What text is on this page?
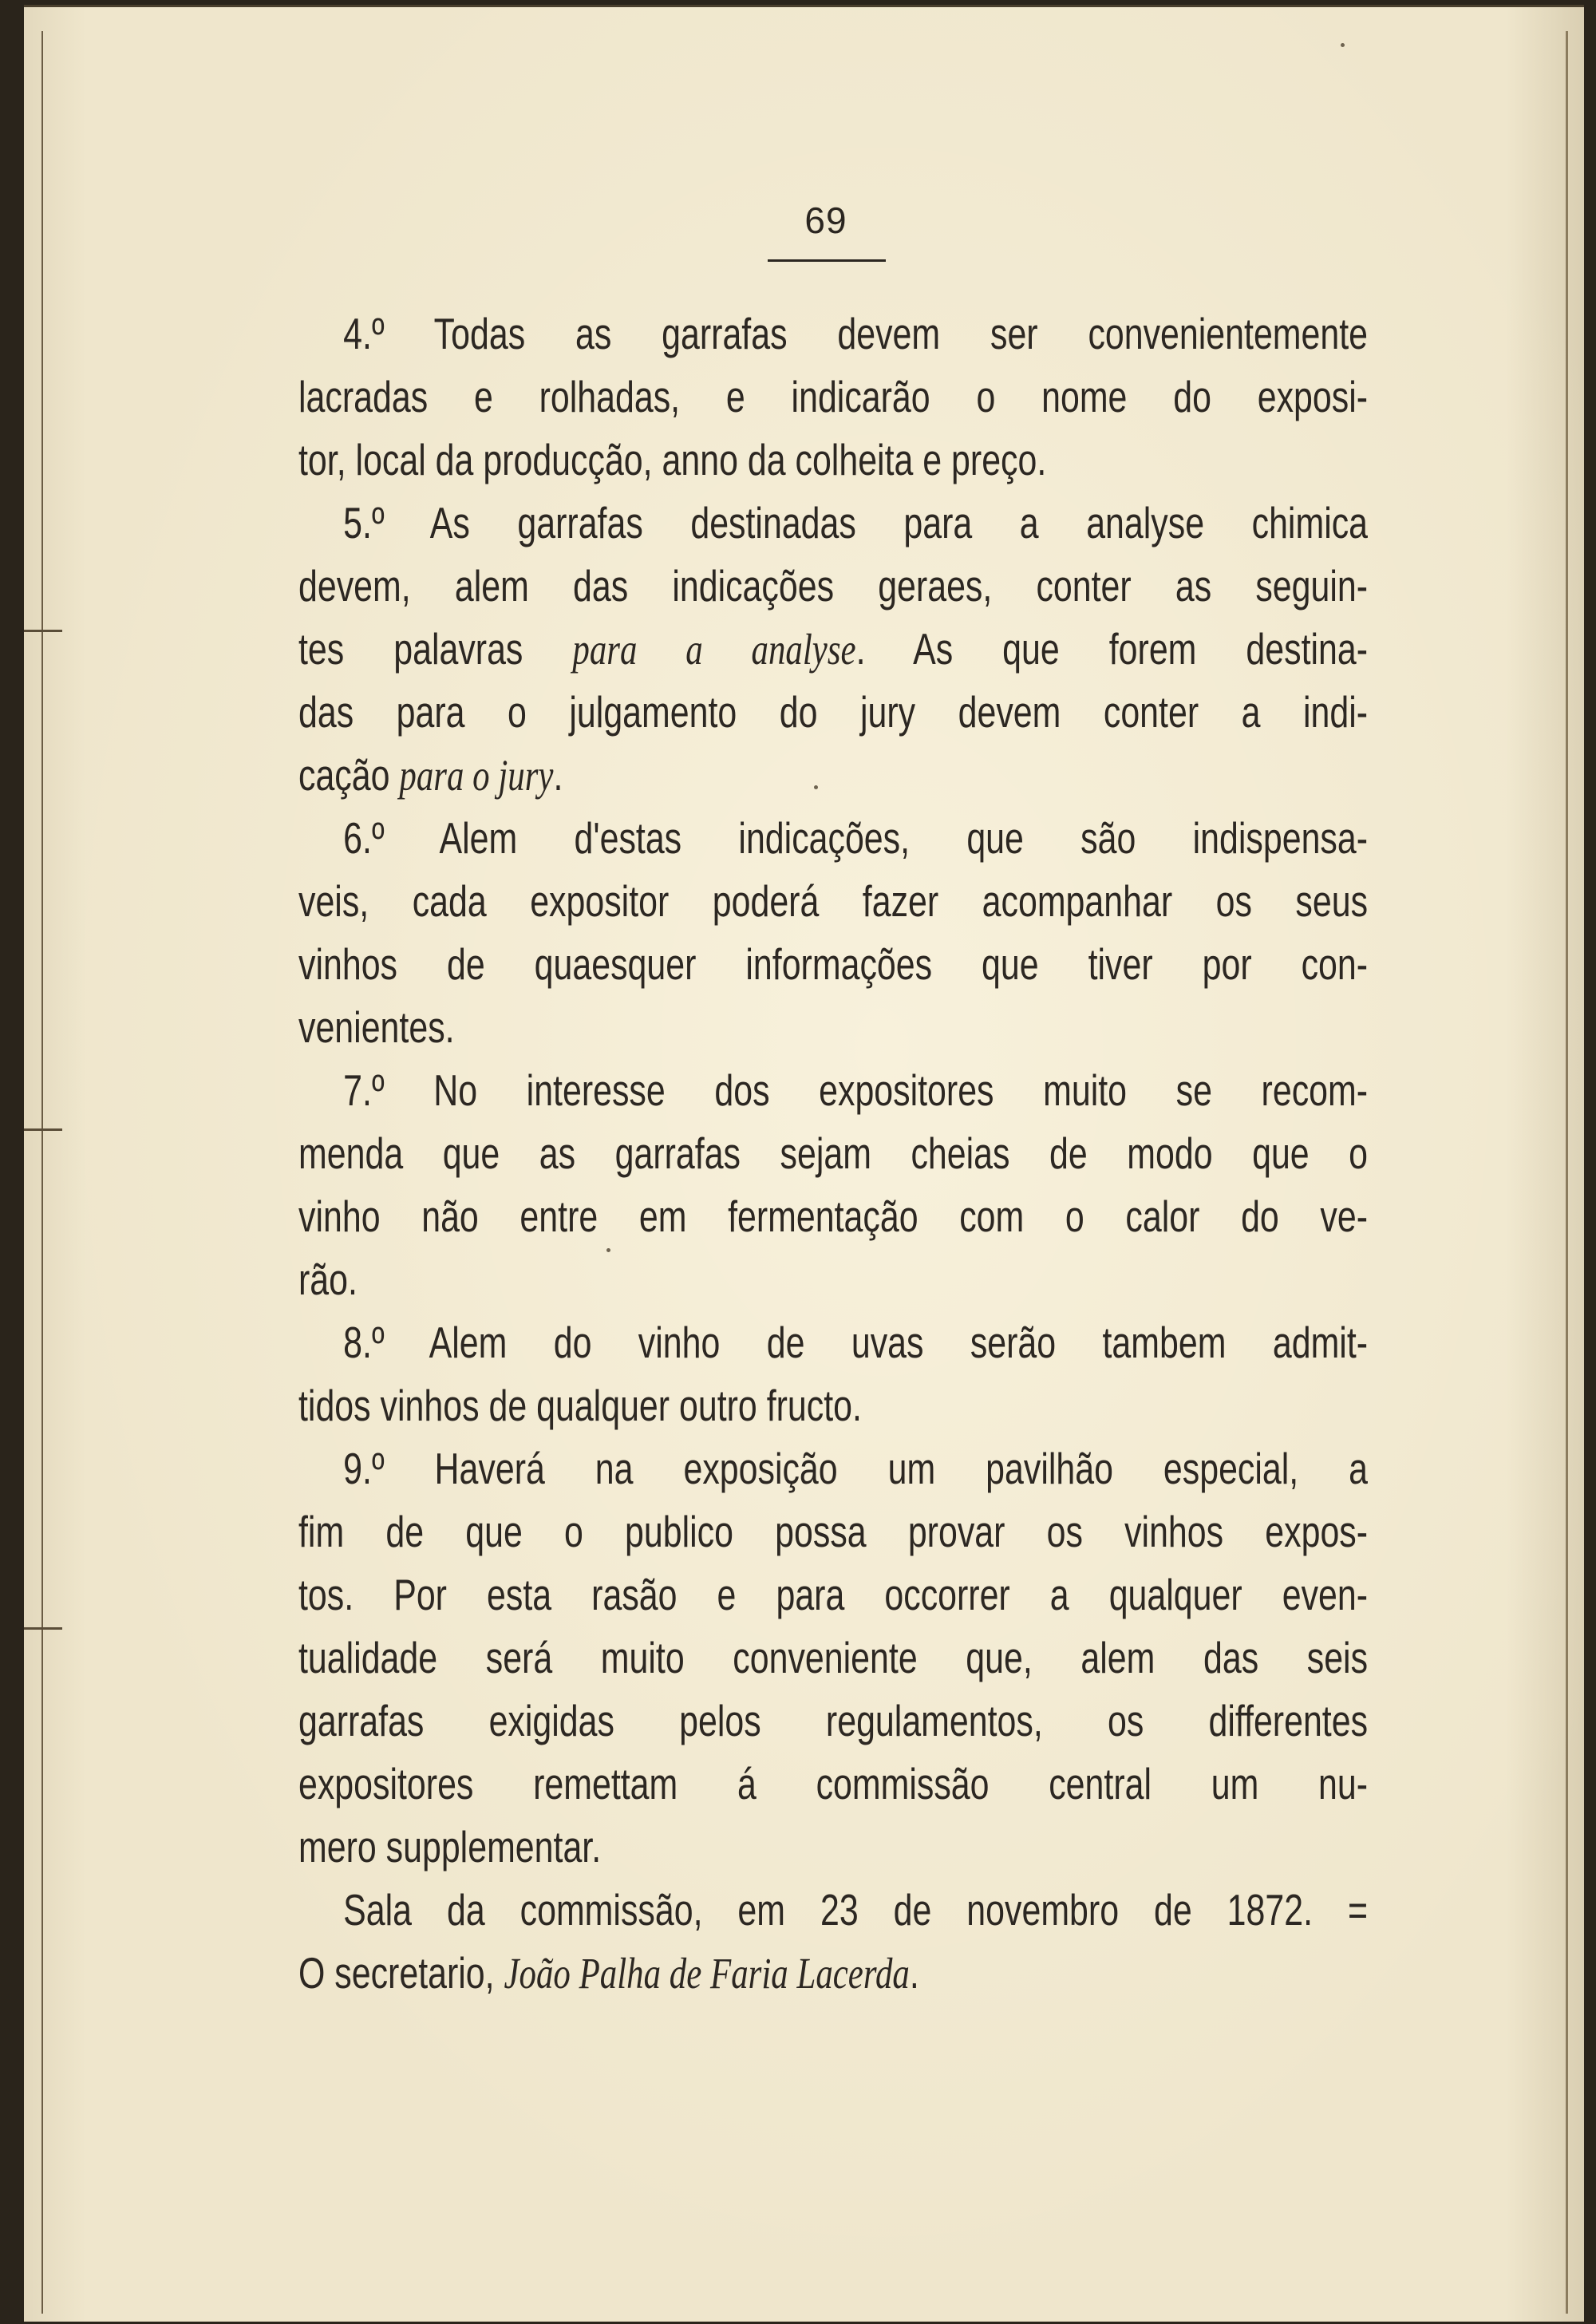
69
4.º Todas as garrafas devem ser convenientemente
lacradas e rolhadas, e indicarão o nome do exposi-
tor, local da producção, anno da colheita e preço.
5.º As garrafas destinadas para a analyse chimica
devem, alem das indicações geraes, conter as seguin-
tes palavras para a analyse. As que forem destina-
das para o julgamento do jury devem conter a indi-
cação para o jury.
6.º Alem d'estas indicações, que são indispensa-
veis, cada expositor poderá fazer acompanhar os seus
vinhos de quaesquer informações que tiver por con-
venientes.
7.º No interesse dos expositores muito se recom-
menda que as garrafas sejam cheias de modo que o
vinho não entre em fermentação com o calor do ve-
rão.
8.º Alem do vinho de uvas serão tambem admit-
tidos vinhos de qualquer outro fructo.
9.º Haverá na exposição um pavilhão especial, a
fim de que o publico possa provar os vinhos expos-
tos. Por esta rasão e para occorrer a qualquer even-
tualidade será muito conveniente que, alem das seis
garrafas exigidas pelos regulamentos, os differentes
expositores remettam á commissão central um nu-
mero supplementar.
Sala da commissão, em 23 de novembro de 1872. =
O secretario, João Palha de Faria Lacerda.
